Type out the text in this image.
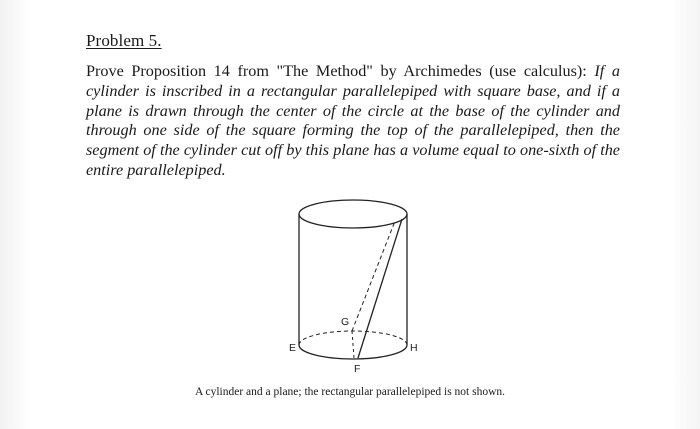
Problem 5.
Prove Proposition 14 from "The Method" by Archimedes (use calculus): If a cylinder is inscribed in a rectangular parallelepiped with square base, and if a plane is drawn through the center of the circle at the base of the cylinder and through one side of the square forming the top of the parallelepiped, then the segment of the cylinder cut off by this plane has a volume equal to one-sixth of the entire parallelepiped.
E
F
G
H
A cylinder and a plane; the rectangular parallelepiped is not shown.
